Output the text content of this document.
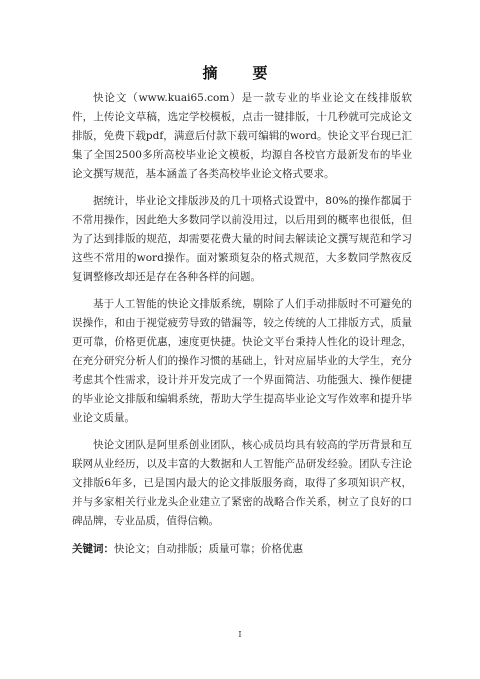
摘　要

快论文（www.kuai65.com）是一款专业的毕业论文在线排版软件，上传论文草稿，选定学校模板，点击一键排版，十几秒就可完成论文排版，免费下载pdf，满意后付款下载可编辑的word。快论文平台现已汇集了全国2500多所高校毕业论文模板，均源自各校官方最新发布的毕业论文撰写规范，基本涵盖了各类高校毕业论文格式要求。

据统计，毕业论文排版涉及的几十项格式设置中，80%的操作都属于不常用操作，因此绝大多数同学以前没用过，以后用到的概率也很低，但为了达到排版的规范，却需要花费大量的时间去解读论文撰写规范和学习这些不常用的word操作。面对繁琐复杂的格式规范，大多数同学熬夜反复调整修改却还是存在各种各样的问题。

基于人工智能的快论文排版系统，剔除了人们手动排版时不可避免的误操作，和由于视觉疲劳导致的错漏等，较之传统的人工排版方式，质量更可靠，价格更优惠，速度更快捷。快论文平台秉持人性化的设计理念，在充分研究分析人们的操作习惯的基础上，针对应届毕业的大学生，充分考虑其个性需求，设计并开发完成了一个界面简洁、功能强大、操作便捷的毕业论文排版和编辑系统，帮助大学生提高毕业论文写作效率和提升毕业论文质量。

快论文团队是阿里系创业团队，核心成员均具有较高的学历背景和互联网从业经历，以及丰富的大数据和人工智能产品研发经验。团队专注论文排版6年多，已是国内最大的论文排版服务商，取得了多项知识产权，并与多家相关行业龙头企业建立了紧密的战略合作关系，树立了良好的口碑品牌，专业品质，值得信赖。

关键词：快论文；自动排版；质量可靠；价格优惠
I
